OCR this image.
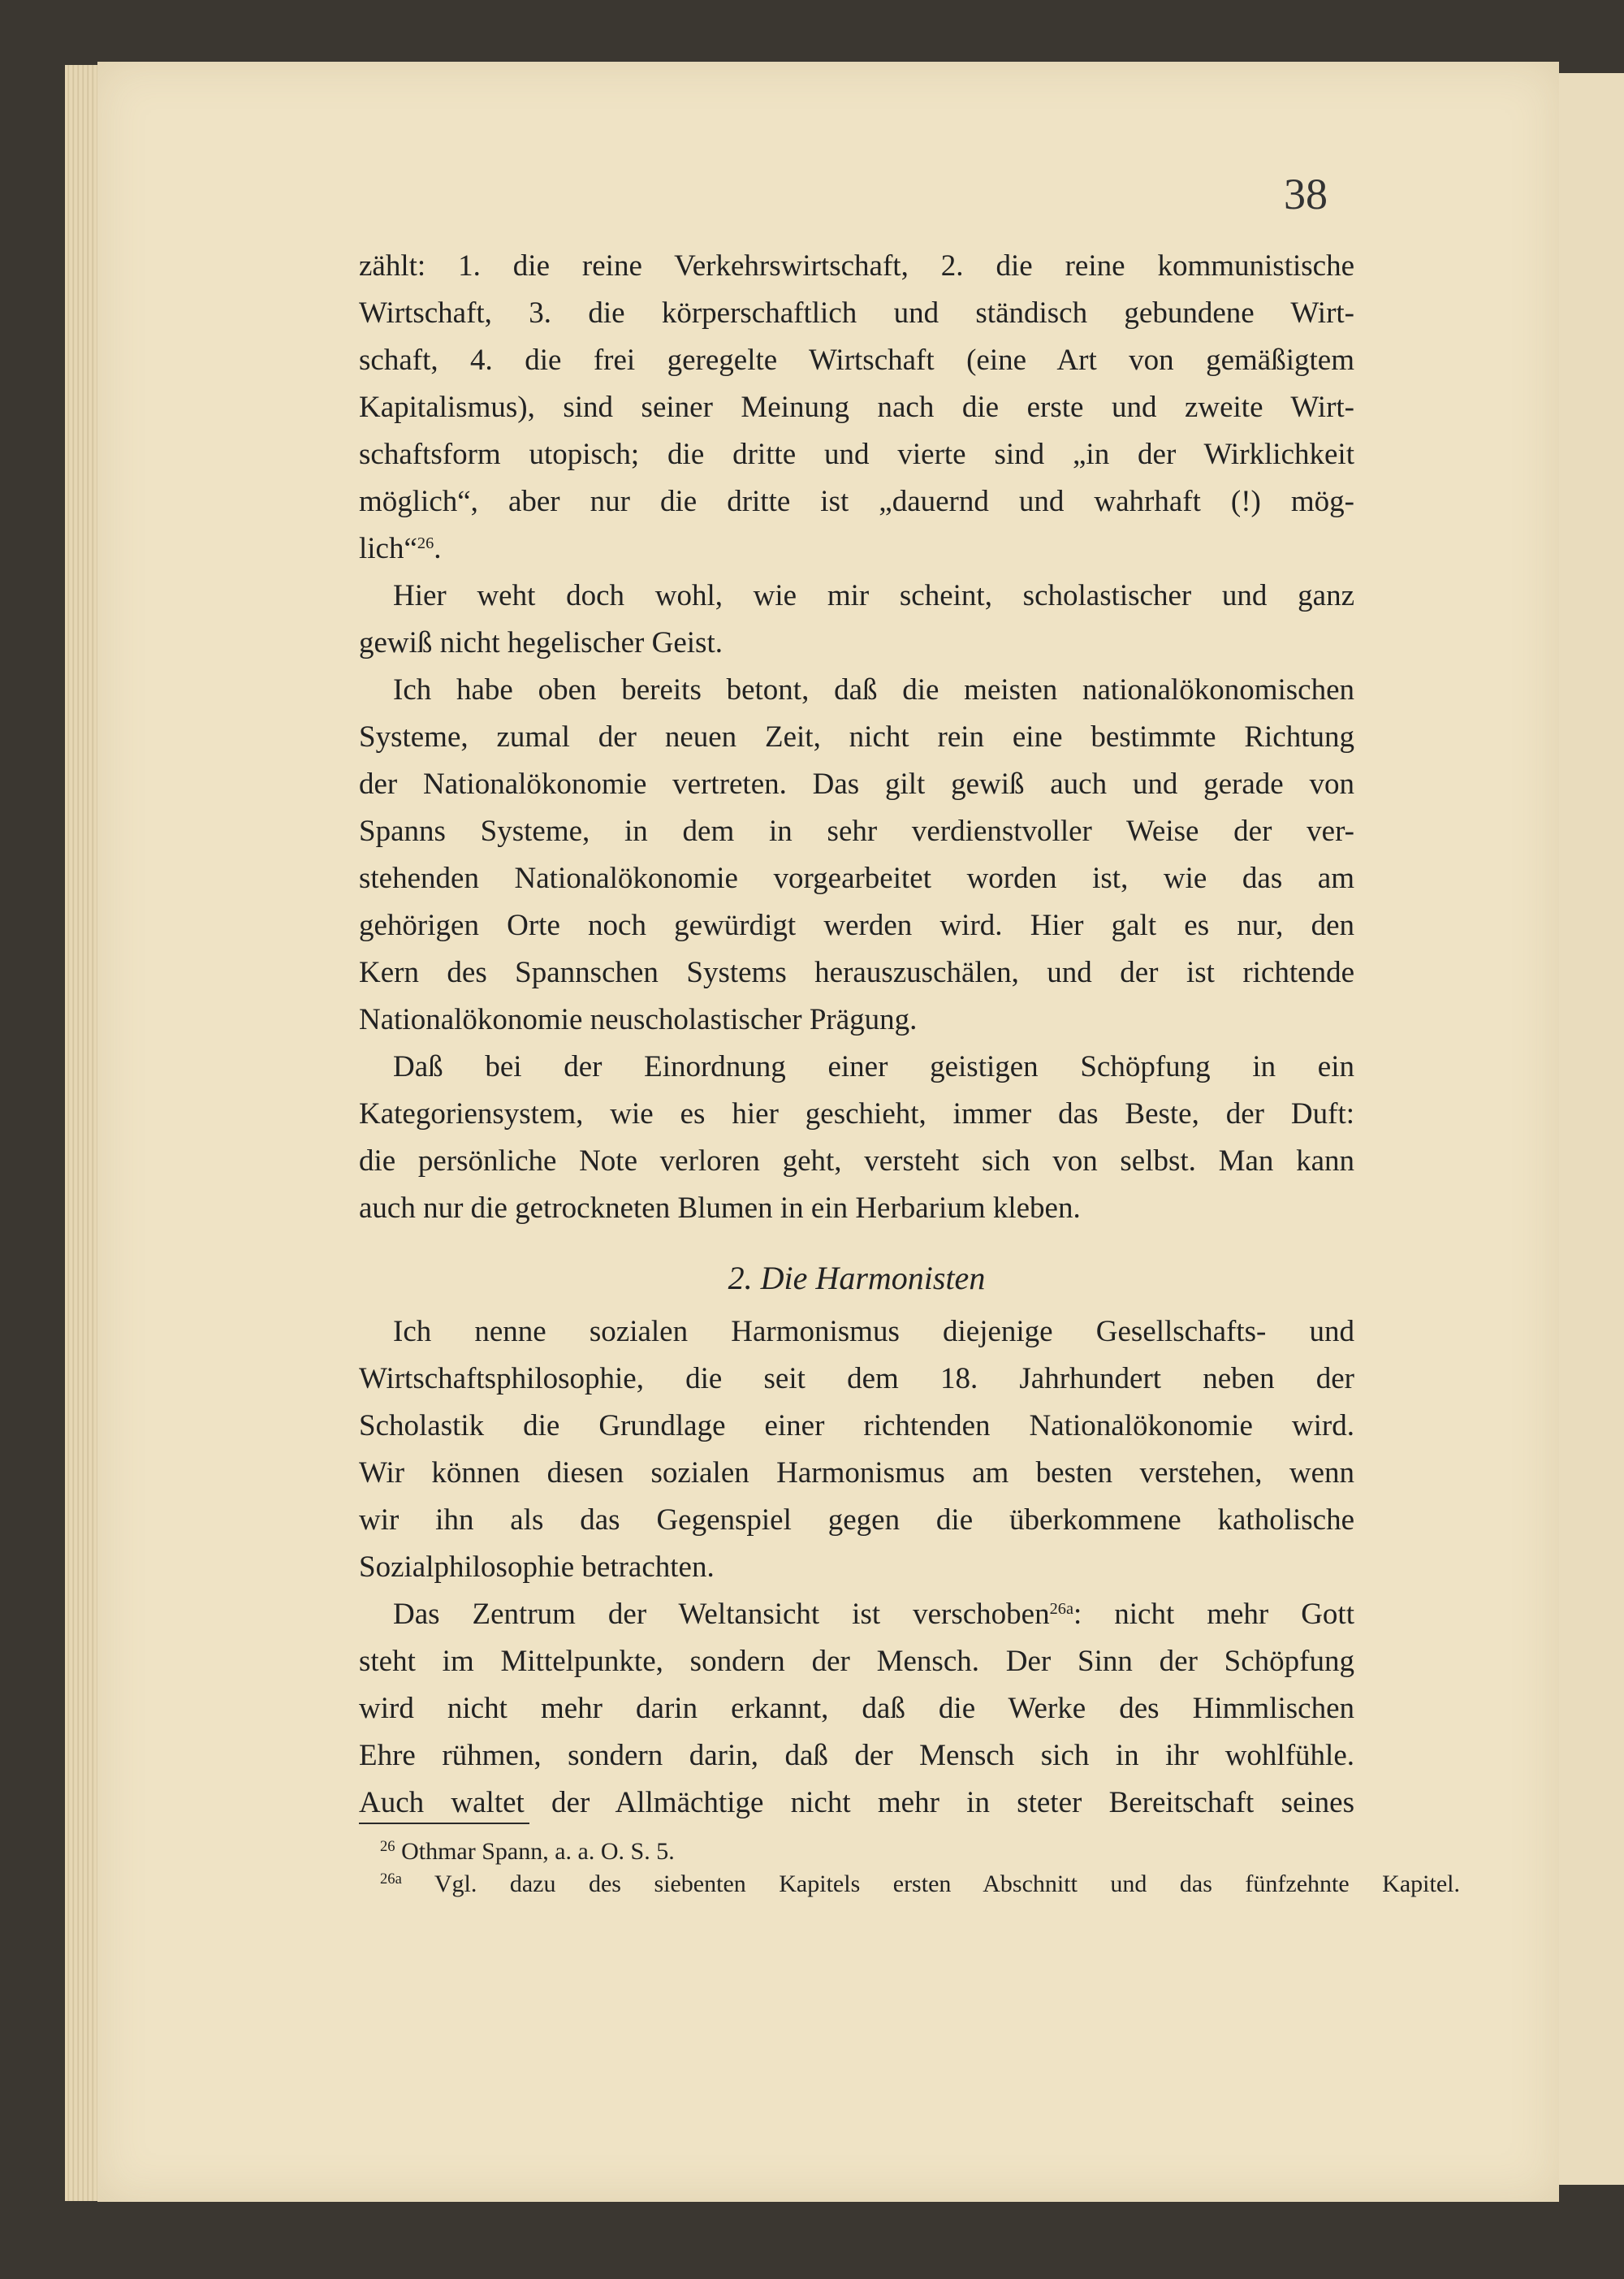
38

zählt: 1. die reine Verkehrswirtschaft, 2. die reine kommunistische
Wirtschaft, 3. die körperschaftlich und ständisch gebundene Wirt-
schaft, 4. die frei geregelte Wirtschaft (eine Art von gemäßigtem
Kapitalismus), sind seiner Meinung nach die erste und zweite Wirt-
schaftsform utopisch; die dritte und vierte sind „in der Wirklichkeit
möglich“, aber nur die dritte ist „dauernd und wahrhaft (!) mög-
lich“$^{26}$.
Hier weht doch wohl, wie mir scheint, scholastischer und ganz
gewiß nicht hegelischer Geist.
Ich habe oben bereits betont, daß die meisten nationalökonomischen
Systeme, zumal der neuen Zeit, nicht rein eine bestimmte Richtung
der Nationalökonomie vertreten. Das gilt gewiß auch und gerade von
Spanns Systeme, in dem in sehr verdienstvoller Weise der ver-
stehenden Nationalökonomie vorgearbeitet worden ist, wie das am
gehörigen Orte noch gewürdigt werden wird. Hier galt es nur, den
Kern des Spannschen Systems herauszuschälen, und der ist richtende
Nationalökonomie neuscholastischer Prägung.
Daß bei der Einordnung einer geistigen Schöpfung in ein
Kategoriensystem, wie es hier geschieht, immer das Beste, der Duft:
die persönliche Note verloren geht, versteht sich von selbst. Man kann
auch nur die getrockneten Blumen in ein Herbarium kleben.
2. Die Harmonisten
Ich nenne sozialen Harmonismus diejenige Gesellschafts- und
Wirtschaftsphilosophie, die seit dem 18. Jahrhundert neben der
Scholastik die Grundlage einer richtenden Nationalökonomie wird.
Wir können diesen sozialen Harmonismus am besten verstehen, wenn
wir ihn als das Gegenspiel gegen die überkommene katholische
Sozialphilosophie betrachten.
Das Zentrum der Weltansicht ist verschoben$^{26a}$: nicht mehr Gott
steht im Mittelpunkte, sondern der Mensch. Der Sinn der Schöpfung
wird nicht mehr darin erkannt, daß die Werke des Himmlischen
Ehre rühmen, sondern darin, daß der Mensch sich in ihr wohlfühle.
Auch waltet der Allmächtige nicht mehr in steter Bereitschaft seines
$^{26}$ Othmar Spann, a. a. O. S. 5.
$^{26a}$ Vgl. dazu des siebenten Kapitels ersten Abschnitt und das fünfzehnte Kapitel.
